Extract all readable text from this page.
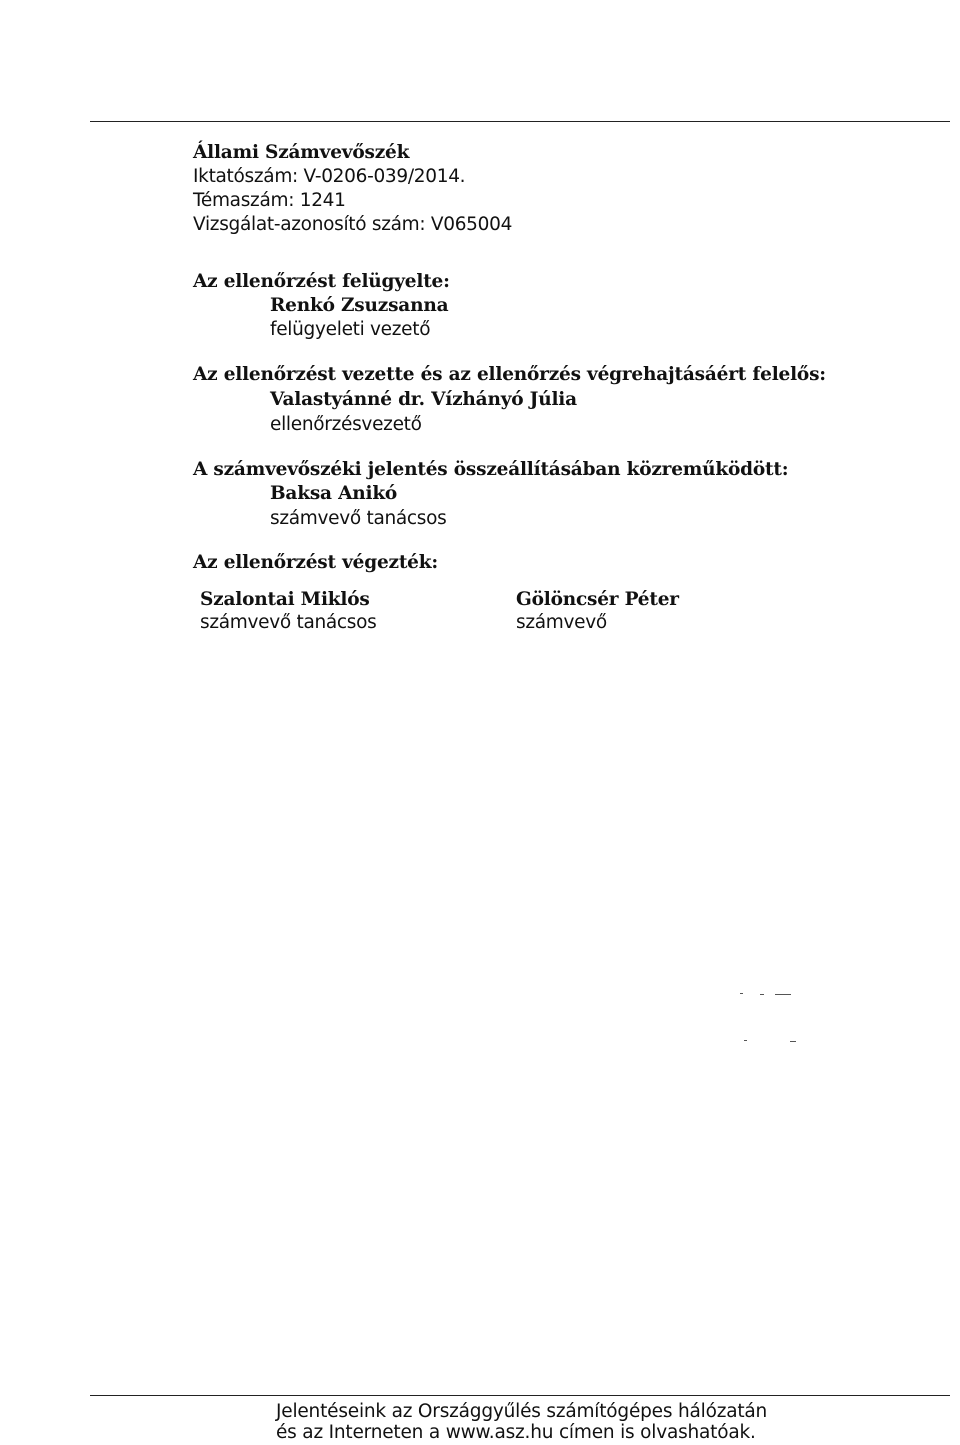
Állami Számvevőszék
Iktatószám: V-0206-039/2014.
Témaszám: 1241
Vizsgálat-azonosító szám: V065004
Az ellenőrzést felügyelte:
Renkó Zsuzsanna
felügyeleti vezető
Az ellenőrzést vezette és az ellenőrzés végrehajtásáért felelős:
Valastyánné dr. Vízhányó Júlia
ellenőrzésvezető
A számvevőszéki jelentés összeállításában közreműködött:
Baksa Anikó
számvevő tanácsos
Az ellenőrzést végezték:
Szalontai Miklós
számvevő tanácsos
Gölöncsér Péter
számvevő
Jelentéseink az Országgyűlés számítógépes hálózatán
és az Interneten a www.asz.hu címen is olvashatóak.
